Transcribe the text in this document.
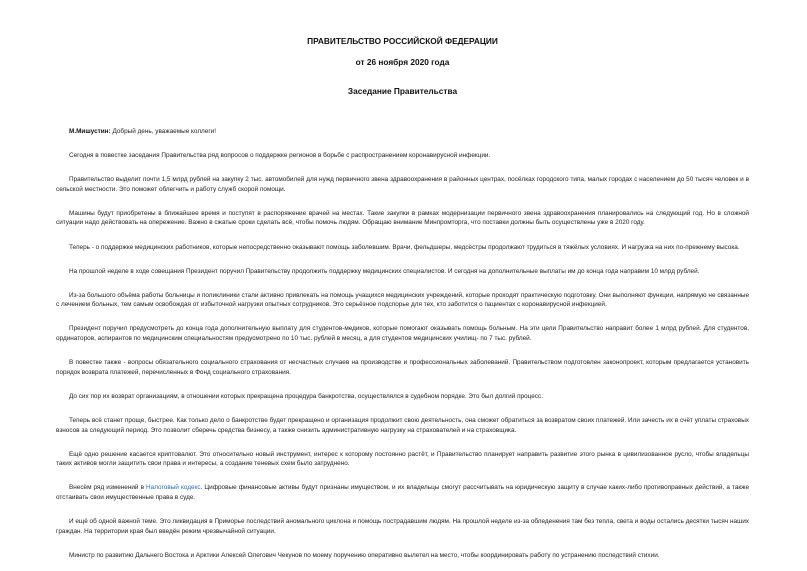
ПРАВИТЕЛЬСТВО РОССИЙСКОЙ ФЕДЕРАЦИИ
от 26 ноября 2020 года
Заседание Правительства

М.Мишустин: Добрый день, уважаемые коллеги!

Сегодня в повестке заседания Правительства ряд вопросов о поддержке регионов в борьбе с распространением коронавирусной инфекции.

Правительство выделит почти 1,5 млрд рублей на закупку 2 тыс. автомобилей для нужд первичного звена здравоохранения в районных центрах, посёлках городского типа, малых городах с населением до 50 тысяч человек и в сельской местности. Это поможет облегчить и работу служб скорой помощи.

Машины будут приобретены в ближайшее время и поступят в распоряжение врачей на местах. Такие закупки в рамках модернизации первичного звена здравоохранения планировались на следующий год. Но в сложной ситуации надо действовать на опережение. Важно в сжатые сроки сделать всё, чтобы помочь людям. Обращаю внимание Минпромторга, что поставки должны быть осуществлены уже в 2020 году.

Теперь - о поддержке медицинских работников, которые непосредственно оказывают помощь заболевшим. Врачи, фельдшеры, медсёстры продолжают трудиться в тяжёлых условиях. И нагрузка на них по-прежнему высока.

На прошлой неделе в ходе совещания Президент поручил Правительству продолжить поддержку медицинских специалистов. И сегодня на дополнительные выплаты им до конца года направим 10 млрд рублей.

Из-за большого объёма работы больницы и поликлиники стали активно привлекать на помощь учащихся медицинских учреждений, которые проходят практическую подготовку. Они выполняют функции, напрямую не связанные с лечением больных, тем самым освобождая от избыточной нагрузки опытных сотрудников. Это серьёзное подспорье для тех, кто заботится о пациентах с коронавирусной инфекцией.

Президент поручил предусмотреть до конца года дополнительную выплату для студентов-медиков, которые помогают оказывать помощь больным. На эти цели Правительство направит более 1 млрд рублей. Для студентов, ординаторов, аспирантов по медицинским специальностям предусмотрено по 10 тыс. рублей в месяц, а для студентов медицинских училищ- по 7 тыс. рублей.

В повестке также - вопросы обязательного социального страхования от несчастных случаев на производстве и профессиональных заболеваний. Правительством подготовлен законопроект, которым предлагается установить порядок возврата платежей, перечисленных в Фонд социального страхования.

До сих пор их возврат организациям, в отношении которых прекращена процедура банкротства, осуществлялся в судебном порядке. Это был долгий процесс.

Теперь всё станет проще, быстрее. Как только дело о банкротстве будет прекращено и организация продолжит свою деятельность, она сможет обратиться за возвратом своих платежей. Или зачесть их в счёт уплаты страховых взносов за следующий период. Это позволит сберечь средства бизнесу, а также снизить административную нагрузку на страхователей и на страховщика.

Ещё одно решение касается криптовалют. Это относительно новый инструмент, интерес к которому постоянно растёт, и Правительство планирует направить развитие этого рынка в цивилизованное русло, чтобы владельцы таких активов могли защитить свои права и интересы, а создание теневых схем было затруднено.

Внесём ряд изменений в Налоговый кодекс. Цифровые финансовые активы будут признаны имуществом, и их владельцы смогут рассчитывать на юридическую защиту в случае каких-либо противоправных действий, а также отстаивать свои имущественные права в суде.

И ещё об одной важной теме. Это ликвидация в Приморье последствий аномального циклона и помощь пострадавшим людям. На прошлой неделе из-за обледенения там без тепла, света и воды остались десятки тысяч наших граждан. На территории края был введён режим чрезвычайной ситуации.

Министр по развитию Дальнего Востока и Арктики Алексей Олегович Чекунов по моему поручению оперативно вылетел на место, чтобы координировать работу по устранению последствий стихии.
